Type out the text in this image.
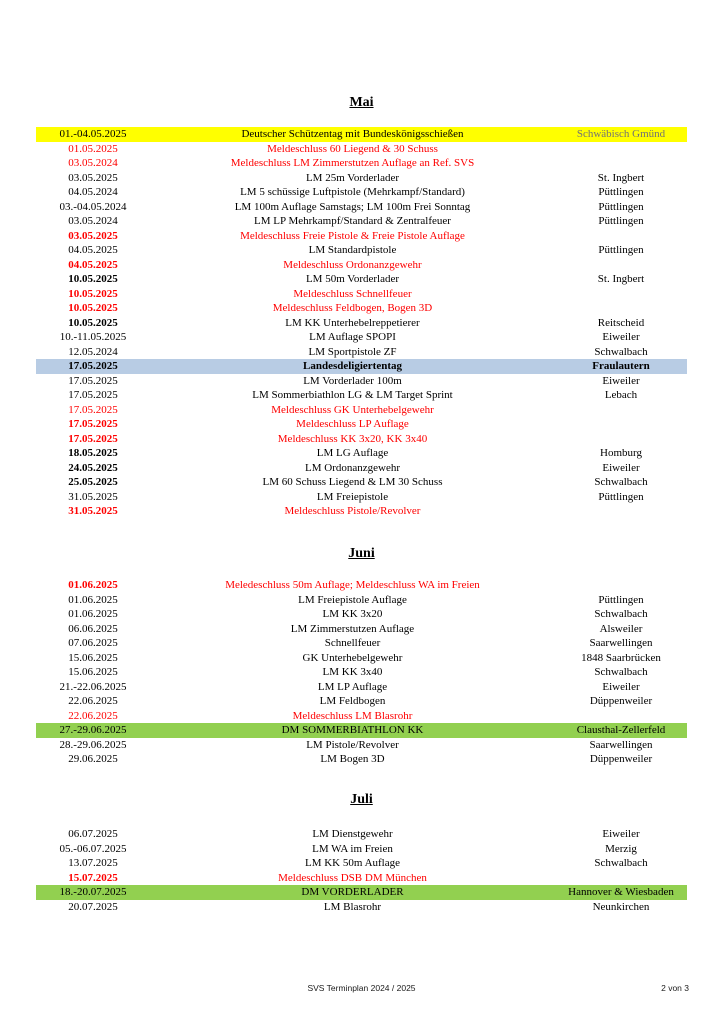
Mai
01.-04.05.2025	Deutscher Schützentag mit Bundeskönigsschießen	Schwäbisch Gmünd
01.05.2025	Meldeschluss 60 Liegend & 30 Schuss
03.05.2024	Meldeschluss LM Zimmerstutzen Auflage an Ref. SVS
03.05.2025	LM 25m Vorderlader	St. Ingbert
04.05.2024	LM 5 schüssige Luftpistole (Mehrkampf/Standard)	Püttlingen
03.-04.05.2024	LM 100m Auflage Samstags; LM 100m Frei Sonntag	Püttlingen
03.05.2024	LM LP Mehrkampf/Standard & Zentralfeuer	Püttlingen
03.05.2025	Meldeschluss Freie Pistole & Freie Pistole Auflage
04.05.2025	LM Standardpistole	Püttlingen
04.05.2025	Meldeschluss Ordonanzgewehr
10.05.2025	LM 50m Vorderlader	St. Ingbert
10.05.2025	Meldeschluss Schnellfeuer
10.05.2025	Meldeschluss Feldbogen, Bogen 3D
10.05.2025	LM KK Unterhebelreppetierer	Reitscheid
10.-11.05.2025	LM Auflage SPOPI	Eiweiler
12.05.2024	LM Sportpistole ZF	Schwalbach
17.05.2025	Landesdeligiertentag	Fraulautern
17.05.2025	LM Vorderlader 100m	Eiweiler
17.05.2025	LM Sommerbiathlon LG & LM Target Sprint	Lebach
17.05.2025	Meldeschluss GK Unterhebelgewehr
17.05.2025	Meldeschluss LP Auflage
17.05.2025	Meldeschluss KK 3x20, KK 3x40
18.05.2025	LM LG Auflage	Homburg
24.05.2025	LM Ordonanzgewehr	Eiweiler
25.05.2025	LM 60 Schuss Liegend & LM 30 Schuss	Schwalbach
31.05.2025	LM Freiepistole	Püttlingen
31.05.2025	Meldeschluss Pistole/Revolver
Juni
01.06.2025	Meledeschluss 50m Auflage; Meldeschluss WA im Freien
01.06.2025	LM Freiepistole Auflage	Püttlingen
01.06.2025	LM KK 3x20	Schwalbach
06.06.2025	LM Zimmerstutzen Auflage	Alsweiler
07.06.2025	Schnellfeuer	Saarwellingen
15.06.2025	GK Unterhebelgewehr	1848 Saarbrücken
15.06.2025	LM KK 3x40	Schwalbach
21.-22.06.2025	LM LP Auflage	Eiweiler
22.06.2025	LM Feldbogen	Düppenweiler
22.06.2025	Meldeschluss LM Blasrohr
27.-29.06.2025	DM SOMMERBIATHLON KK	Clausthal-Zellerfeld
28.-29.06.2025	LM Pistole/Revolver	Saarwellingen
29.06.2025	LM Bogen 3D	Düppenweiler
Juli
06.07.2025	LM Dienstgewehr	Eiweiler
05.-06.07.2025	LM WA im Freien	Merzig
13.07.2025	LM KK 50m Auflage	Schwalbach
15.07.2025	Meldeschluss DSB DM München
18.-20.07.2025	DM VORDERLADER	Hannover & Wiesbaden
20.07.2025	LM Blasrohr	Neunkirchen
SVS Terminplan 2024 / 2025	2 von 3
